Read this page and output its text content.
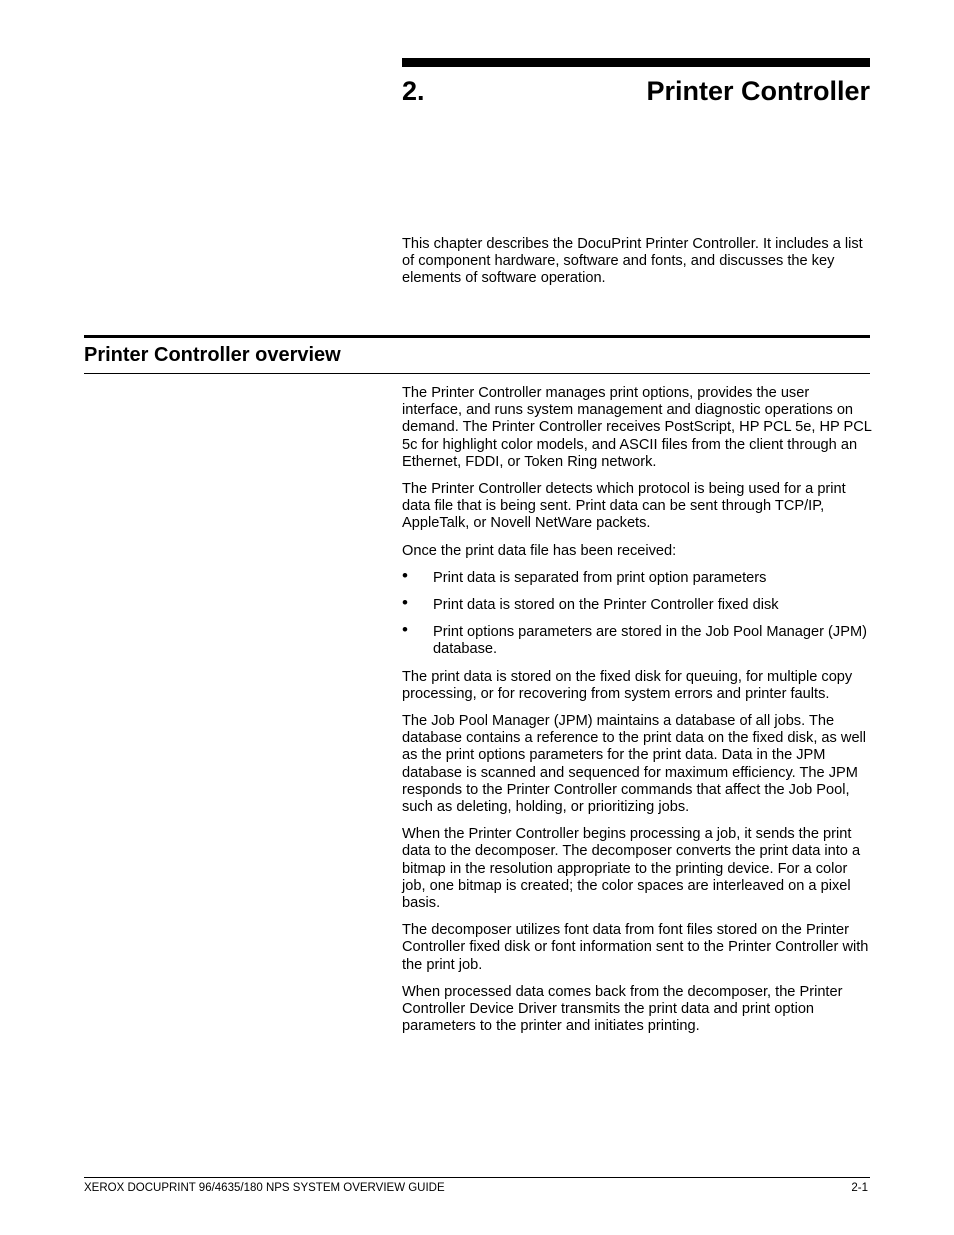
2.	Printer Controller

This chapter describes the DocuPrint Printer Controller. It includes a list of component hardware, software and fonts, and discusses the key elements of software operation.

Printer Controller overview

The Printer Controller manages print options, provides the user interface, and runs system management and diagnostic operations on demand. The Printer Controller receives PostScript, HP PCL 5e, HP PCL 5c for highlight color models, and ASCII files from the client through an Ethernet, FDDI, or Token Ring network.

The Printer Controller detects which protocol is being used for a print data file that is being sent. Print data can be sent through TCP/IP, AppleTalk, or Novell NetWare packets.

Once the print data file has been received:

• Print data is separated from print option parameters
• Print data is stored on the Printer Controller fixed disk
• Print options parameters are stored in the Job Pool Manager (JPM) database.

The print data is stored on the fixed disk for queuing, for multiple copy processing, or for recovering from system errors and printer faults.

The Job Pool Manager (JPM) maintains a database of all jobs. The database contains a reference to the print data on the fixed disk, as well as the print options parameters for the print data. Data in the JPM database is scanned and sequenced for maximum efficiency. The JPM responds to the Printer Controller commands that affect the Job Pool, such as deleting, holding, or prioritizing jobs.

When the Printer Controller begins processing a job, it sends the print data to the decomposer. The decomposer converts the print data into a bitmap in the resolution appropriate to the printing device. For a color job, one bitmap is created; the color spaces are interleaved on a pixel basis.

The decomposer utilizes font data from font files stored on the Printer Controller fixed disk or font information sent to the Printer Controller with the print job.

When processed data comes back from the decomposer, the Printer Controller Device Driver transmits the print data and print option parameters to the printer and initiates printing.

XEROX DOCUPRINT 96/4635/180 NPS SYSTEM OVERVIEW GUIDE	2-1
